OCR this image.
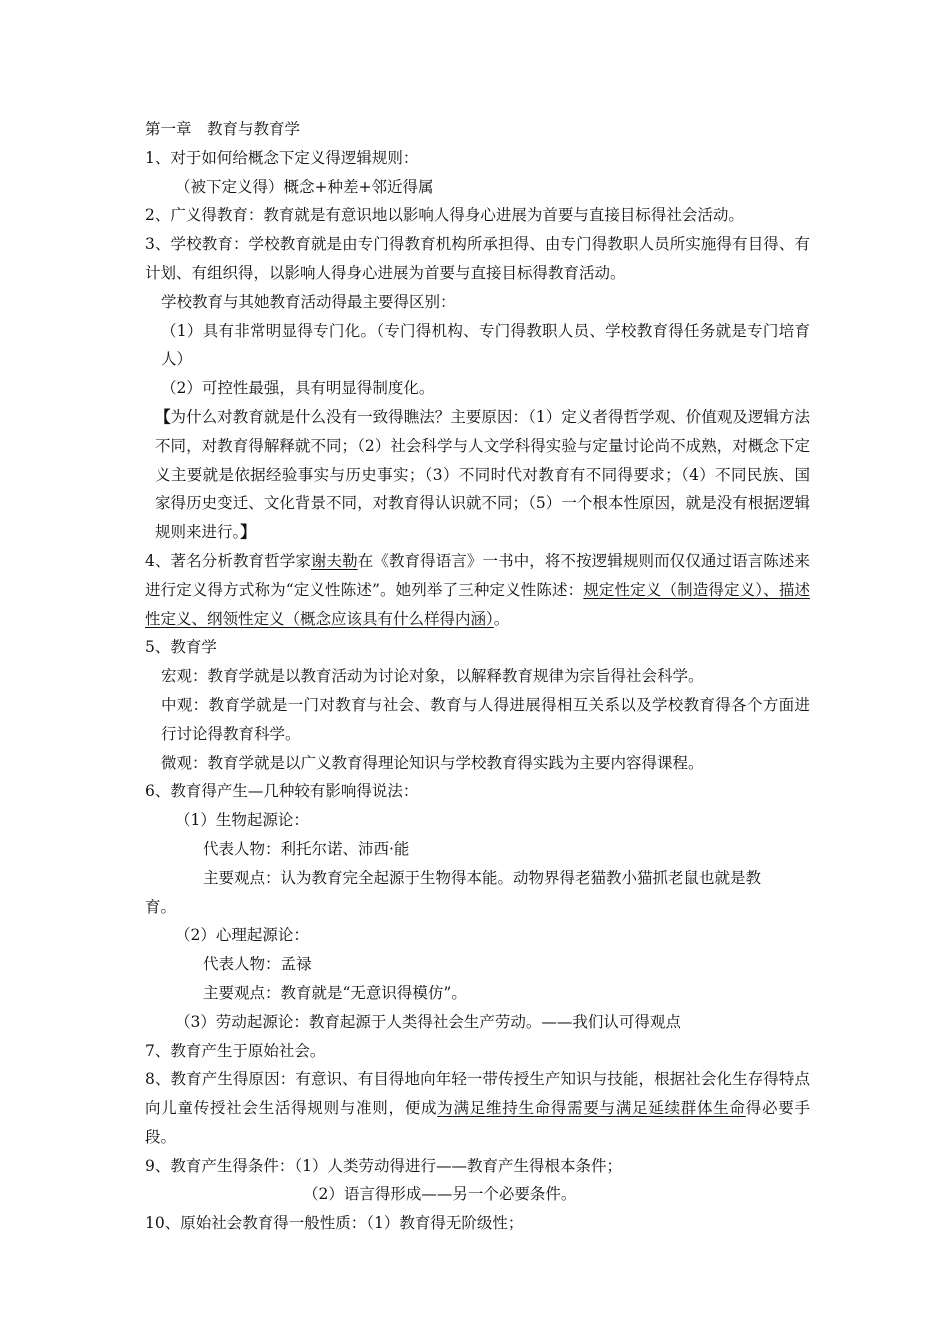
第一章　教育与教育学

1、对于如何给概念下定义得逻辑规则：

（被下定义得）概念+种差+邻近得属

2、广义得教育：教育就是有意识地以影响人得身心进展为首要与直接目标得社会活动。

3、学校教育：学校教育就是由专门得教育机构所承担得、由专门得教职人员所实施得有目得、有计划、有组织得，以影响人得身心进展为首要与直接目标得教育活动。

学校教育与其她教育活动得最主要得区别：

（1）具有非常明显得专门化。（专门得机构、专门得教职人员、学校教育得任务就是专门培育人）

（2）可控性最强，具有明显得制度化。

【为什么对教育就是什么没有一致得瞧法？主要原因：（1）定义者得哲学观、价值观及逻辑方法不同，对教育得解释就不同；（2）社会科学与人文学科得实验与定量讨论尚不成熟，对概念下定义主要就是依据经验事实与历史事实；（3）不同时代对教育有不同得要求；（4）不同民族、国家得历史变迁、文化背景不同，对教育得认识就不同；（5）一个根本性原因，就是没有根据逻辑规则来进行。】

4、著名分析教育哲学家谢夫勒在《教育得语言》一书中，将不按逻辑规则而仅仅通过语言陈述来进行定义得方式称为“定义性陈述”。她列举了三种定义性陈述：规定性定义（制造得定义）、描述性定义、纲领性定义（概念应该具有什么样得内涵）。

5、教育学

宏观：教育学就是以教育活动为讨论对象，以解释教育规律为宗旨得社会科学。

中观：教育学就是一门对教育与社会、教育与人得进展得相互关系以及学校教育得各个方面进行讨论得教育科学。

微观：教育学就是以广义教育得理论知识与学校教育得实践为主要内容得课程。

6、教育得产生—几种较有影响得说法：

（1）生物起源论：

代表人物：利托尔诺、沛西·能

主要观点：认为教育完全起源于生物得本能。动物界得老猫教小猫抓老鼠也就是教

育。

（2）心理起源论：

代表人物：孟禄

主要观点：教育就是“无意识得模仿”。

（3）劳动起源论：教育起源于人类得社会生产劳动。——我们认可得观点

7、教育产生于原始社会。

8、教育产生得原因：有意识、有目得地向年轻一带传授生产知识与技能，根据社会化生存得特点向儿童传授社会生活得规则与准则，便成为满足维持生命得需要与满足延续群体生命得必要手段。

9、教育产生得条件：（1）人类劳动得进行——教育产生得根本条件；

（2）语言得形成——另一个必要条件。

10、原始社会教育得一般性质：（1）教育得无阶级性；
